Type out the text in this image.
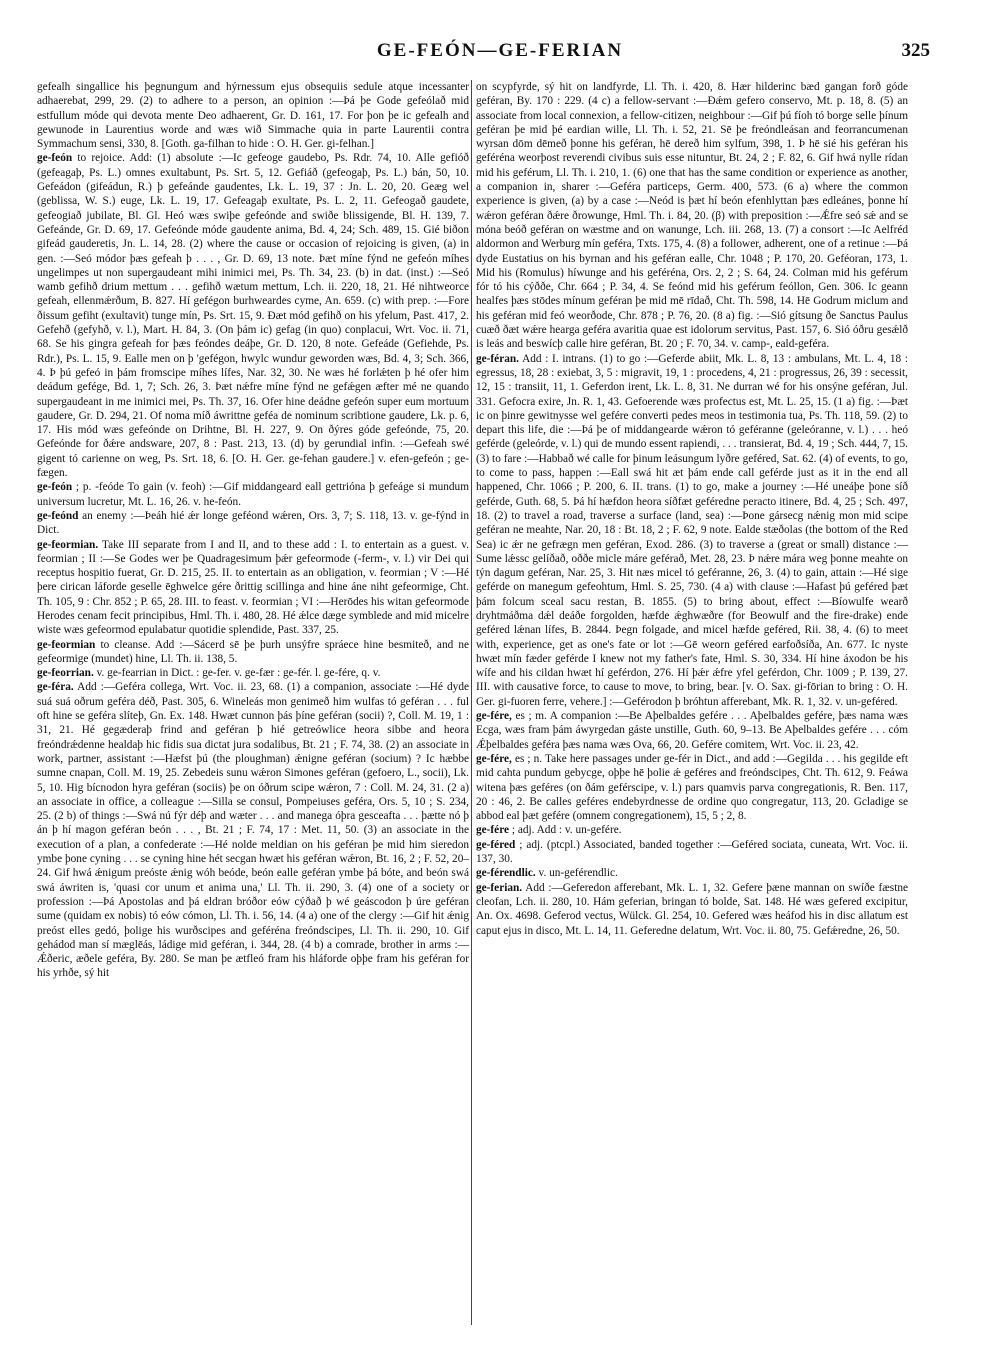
GE-FEÓN—GE-FERIAN	325

gefealh singallice his þegnungum and hýrnessum ejus obsequiis sedule atque incessanter adhaerebat, 299, 29. (2) to adhere to a person, an opinion :—Þá þe Gode gefeólað mid estfullum móde qui devota mente Deo adhaerent, Gr. D. 161, 17. For þon þe ic gefealh and gewunode in Laurentius worde and wæs wið Simmache quia in parte Laurentii contra Symmachum sensi, 330, 8. [Goth. ga-filhan to hide : O. H. Ger. gi-felhan.]

ge-feón to rejoice. Add: (1) absolute :—Ic gefeoge gaudebo, Ps. Rdr. 74, 10. Alle gefióð (gefeagaþ, Ps. L.) omnes exultabunt, Ps. Srt. 5, 12. Gefiáð (gefeogaþ, Ps. L.) bán, 50, 10. Gefeádon (gifeádun, R.) þ gefeánde gaudentes, Lk. L. 19, 37 : Jn. L. 20, 20. Geæg wel (geblissa, W. S.) euge, Lk. L. 19, 17. Gefeagaþ exultate, Ps. L. 2, 11. Gefeogað gaudete, gefeogiað jubilate, Bl. Gl. Heó wæs swiþe gefeónde and swiðe blissigende, Bl. H. 139, 7. Gefeánde, Gr. D. 69, 17. Gefeónde móde gaudente anima, Bd. 4, 24; Sch. 489, 15. Gié biðon gifeád gauderetis, Jn. L. 14, 28. (2) where the cause or occasion of rejoicing is given, (a) in gen. :—Seó módor þæs gefeah þ . . . , Gr. D. 69, 13 note. Þæt míne fýnd ne gefeón míhes ungelimpes ut non supergaudeant mihi inimici mei, Ps. Th. 34, 23. (b) in dat. (inst.) :—Seó wamb gefihð drium mettum . . . gefihð wætum mettum, Lch. ii. 220, 18, 21. Hé nihtweorce gefeah, ellenmǽrðum, B. 827. Hí gefégon burhweardes cyme, An. 659. (c) with prep. :—Fore ðissum gefiht (exultavit) tunge mín, Ps. Srt. 15, 9. Ðæt mód gefihð on his yfelum, Past. 417, 2. Gefehð (gefyhð, v. l.), Mart. H. 84, 3. (On þám ic) gefag (in quo) conplacui, Wrt. Voc. ii. 71, 68. Se his gingra gefeah for þæs feóndes deáþe, Gr. D. 120, 8 note. Gefeáde (Gefiehde, Ps. Rdr.), Ps. L. 15, 9. Ealle men on þ 'gefégon, hwylc wundur geworden wæs, Bd. 4, 3; Sch. 366, 4. Þ þú gefeó in þám fromscipe míhes lífes, Nar. 32, 30. Ne wæs hé forlǽten þ hé ofer him deádum gefége, Bd. 1, 7; Sch. 26, 3. Þæt nǽfre míne fýnd ne gefǽgen æfter mé ne quando supergaudeant in me inimici mei, Ps. Th. 37, 16. Ofer hine deádne gefeón super eum mortuum gaudere, Gr. D. 294, 21. Of noma míð áwrittne geféa de nominum scribtione gaudere, Lk. p. 6, 17. His mód wæs gefeónde on Drihtne, Bl. H. 227, 9. On ðýres góde gefeónde, 75, 20. Gefeónde for ðǽre andsware, 207, 8 : Past. 213, 13. (d) by gerundial infin. :—Gefeah swé gigent tó carienne on weg, Ps. Srt. 18, 6. [O. H. Ger. ge-fehan gaudere.] v. efen-gefeón ; ge-fægen.

ge-feón ; p. -feóde To gain (v. feoh) :—Gif middangeard eall gettrióna þ gefeáge si mundum universum lucretur, Mt. L. 16, 26. v. he-feón.

ge-feónd an enemy :—Þeáh hié ǽr longe geféond wǽren, Ors. 3, 7; S. 118, 13. v. ge-fýnd in Dict.

ge-feormian. Take III separate from I and II, and to these add : I. to entertain as a guest. v. feormian ; II :—Se Godes wer þe Quadragesimum þǽr gefeormode (-ferm-, v. l.) vir Dei qui receptus hospitio fuerat, Gr. D. 215, 25. II. to entertain as an obligation, v. feormian ; V :—Hé þere cirican láforde geselle ēghwelce gére ðrittig scillinga and hine áne niht gefeormige, Cht. Th. 105, 9 : Chr. 852 ; P. 65, 28. III. to feast. v. feormian ; VI :—Herōdes his witan gefeormode Herodes cenam fecit principibus, Hml. Th. i. 480, 28. Hé ǽlce dæge symblede and mid micelre wiste wæs gefeormod epulabatur quotidie splendide, Past. 337, 25.

ge-feormian to cleanse. Add :—Sácerd sē þe þurh unsýfre spráece hine besmiteð, and ne gefeormige (mundet) hine, Ll. Th. ii. 138, 5.

ge-feorrian. v. ge-fearrian in Dict. : ge-fer. v. ge-fær : ge-fér. l. ge-fére, q. v.

ge-féra. Add :—Geféra collega, Wrt. Voc. ii. 23, 68. (1) a companion, associate :—Hé dyde suá suá oðrum geférа déð, Past. 305, 6. Wineleás mon genimeð him wulfas tó geféran . . . ful oft hine se geféra slíteþ, Gn. Ex. 148. Hwæt cunnon þás þíne geféran (socii) ?, Coll. M. 19, 1 : 31, 21. Hé gegæderaþ frind and geféran þ hié getreówlice heora sibbe and heora freóndrǽdenne healdaþ hic fidis sua dictat jura sodalibus, Bt. 21 ; F. 74, 38. (2) an associate in work, partner, assistant :—Hæfst þú (the ploughman) ǽnigne geféran (socium) ? Ic hæbbe sumne cnapan, Coll. M. 19, 25. Zebedeis sunu wǽron Simones geféran (gefoero, L., socii), Lk. 5, 10. Hig bícnodon hyra geféran (sociis) þe on óðrum scipe wǽron, 7 : Coll. M. 24, 31. (2 a) an associate in office, a colleague :—Silla se consul, Pompeiuses geféra, Ors. 5, 10 ; S. 234, 25. (2 b) of things :—Swá nú fýr déþ and wæter . . . and manega óþra gesceafta . . . þætte nó þ án þ hí magon geféran beón . . . , Bt. 21 ; F. 74, 17 : Met. 11, 50. (3) an associate in the execution of a plan, a confederate :—Hé nolde meldian on his geféran þe mid him sieredon ymbe þone cyning . . . se cyning hine hét secgan hwæt his geféran wǽron, Bt. 16, 2 ; F. 52, 20–24. Gif hwá ǽnigum preóste ǽnig wóh beóde, beón ealle geféran ymbe þá bóte, and beón swá swá áwriten is, 'quasi cor unum et anima una,' Ll. Th. ii. 290, 3. (4) one of a society or profession :—Þá Apostolas and þá eldran bróðor eów cýðað þ wé geáscodon þ úre geféran sume (quidam ex nobis) tó eów cómon, Ll. Th. i. 56, 14. (4 a) one of the clergy :—Gif hit ǽnig preóst elles gedó, þolige his wurðscipes and geféréna freóndscipes, Ll. Th. ii. 290, 10. Gif gehádod man sí mæglēás, ládige mid geféran, i. 344, 28. (4 b) a comrade, brother in arms :—Ǽðeric, æðele geféra, By. 280. Se man þe ætfleó fram his hláforde oþþe fram his geféran for his yrhðe, sý hit

on scypfyrde, sý hit on landfyrde, Ll. Th. i. 420, 8. Hær hilderinc bæd gangan forð góde geféran, By. 170 : 229. (4 c) a fellow-servant :—Ðǽm gefero conservo, Mt. p. 18, 8. (5) an associate from local connexion, a fellow-citizen, neighbour :—Gif þú fíoh tó borge selle þínum geféran þe mid þé eardian wille, Ll. Th. i. 52, 21. Sē þe freóndleásan and feorrancumenan wyrsan dōm dēmeð þonne his geféran, hē dereð him sylfum, 398, 1. Þ hē sié his geféran his geféréna weorþost reverendi civibus suis esse nituntur, Bt. 24, 2 ; F. 82, 6. Gif hwá nylle rídan mid his geférum, Ll. Th. i. 210, 1. (6) one that has the same condition or experience as another, a companion in, sharer :—Geféra particeps, Germ. 400, 573. (6 a) where the common experience is given, (a) by a case :—Neód is þæt hí beón efenhlyttan þæs edleánes, þonne hí wǽron geféran ðǽre ðrowunge, Hml. Th. i. 84, 20. (β) with preposition :—Ǽfre seó sǽ and se móna beóð geféran on wæstme and on wanunge, Lch. iii. 268, 13. (7) a consort :—Ic Aelfréd aldormon and Werburg mín geféra, Txts. 175, 4. (8) a follower, adherent, one of a retinue :—Þá dyde Eustatius on his byrnan and his geféran ealle, Chr. 1048 ; P. 170, 20. Geféoran, 173, 1. Mid his (Romulus) híwunge and his geféréna, Ors. 2, 2 ; S. 64, 24. Colman mid his geférum fór tó his cýððe, Chr. 664 ; P. 34, 4. Se feónd mid his geférum feóllon, Gen. 306. Ic geann healfes þæs stōdes mínum geféran þe mid mē rīdað, Cht. Th. 598, 14. Hē Godrum miclum and his geféran mid feó weorðode, Chr. 878 ; P. 76, 20. (8 a) fig. :—Sió gítsung ðe Sanctus Paulus cuæð ðæt wǽre hearga geféra avaritia quae est idolorum servitus, Past. 157, 6. Sió óðru gesǽlð is leás and beswícþ calle hire geféran, Bt. 20 ; F. 70, 34. v. camp-, eald-geféra.

ge-féran. Add : I. intrans. (1) to go :—Geferde abiit, Mk. L. 8, 13 : ambulans, Mt. L. 4, 18 : egressus, 18, 28 : exiebat, 3, 5 : migravit, 19, 1 : procedens, 4, 21 : progressus, 26, 39 : secessit, 12, 15 : transiit, 11, 1. Geferdon irent, Lk. L. 8, 31. Ne durran wé for his onsýne geféran, Jul. 331. Gefocra exire, Jn. R. 1, 43. Gefoerende wæs profectus est, Mt. L. 25, 15. (1 a) fig. :—Þæt ic on þinre gewitnysse wel gefére converti pedes meos in testimonia tua, Ps. Th. 118, 59. (2) to depart this life, die :—Þá þe of middangearde wǽron tó geféranne (geleóranne, v. l.) . . . heó geférde (geleórde, v. l.) qui de mundo essent rapiendi, . . . transierat, Bd. 4, 19 ; Sch. 444, 7, 15. (3) to fare :—Habbað wé calle for þinum leásungum lyðre geférеd, Sat. 62. (4) of events, to go, to come to pass, happen :—Eall swá hit æt þám ende call geférde just as it in the end all happened, Chr. 1066 ; P. 200, 6. II. trans. (1) to go, make a journey :—Hé uneáþe þone síð geférde, Guth. 68, 5. Þá hí hæfdon heora síðfæt geféredne peracto itinere, Bd. 4, 25 ; Sch. 497, 18. (2) to travel a road, traverse a surface (land, sea) :—Þone gársecg nǽnig mon mid scipe geféran ne meahte, Nar. 20, 18 : Bt. 18, 2 ; F. 62, 9 note. Ealde stæðolas (the bottom of the Red Sea) ic ǽr ne gefrægn men geféran, Exod. 286. (3) to traverse a (great or small) distance :—Sume lǽssc gelíðað, oððe micle máre geférаð, Met. 28, 23. Þ nǽre mára weg þonne meahte on týn dagum geféran, Nar. 25, 3. Hit næs micel tó geféranne, 26, 3. (4) to gain, attain :—Hé sige geférde on manegum gefeohtum, Hml. S. 25, 730. (4 a) with clause :—Hafast þú geféred þæt þám folcum sceal sacu restan, B. 1855. (5) to bring about, effect :—Bíowulfe wearð dryhtmáðma dǽl deáðe forgolden, hæfde ǽghwæðre (for Beowulf and the fire-drake) ende geféred lǽnan lífes, B. 2844. Þegn folgade, and micel hæfde geféred, Rii. 38, 4. (6) to meet with, experience, get as one's fate or lot :—Gē weorn geféred earfoðsíða, An. 677. Ic nyste hwæt mín fæder geférde I knew not my father's fate, Hml. S. 30, 334. Hí hine áxodon be his wífe and his cildan hwæt hí geférdon, 276. Hí þǽr ǽfre yfel geférdon, Chr. 1009 ; P. 139, 27. III. with causative force, to cause to move, to bring, bear. [v. O. Sax. gi-fōrian to bring : O. H. Ger. gi-fuoren ferre, vehere.] :—Geférodon þ bróhtun afferebant, Mk. R. 1, 32. v. un-geféred.

ge-fére, es ; m. A companion :—Be Aþelbaldes gefére . . . Aþelbaldes gefére, þæs nama wæs Ecga, wæs fram þám áwyrgedan gáste unstille, Guth. 60, 9–13. Be Aþelbaldes gefére . . . cóm Ǽþelbaldes geféra þæs nama wæs Ova, 66, 20. Gefére comitem, Wrt. Voc. ii. 23, 42.

ge-fére, es ; n. Take here passages under ge-fér in Dict., and add :—Gegilda . . . his gegilde eft mid cahta pundum gebycge, oþþe hē þolie ǽ geféres and freóndscipes, Cht. Th. 612, 9. Feáwa witena þæs geféres (on ðám geférscipe, v. l.) pars quamvis parva congregationis, R. Ben. 117, 20 : 46, 2. Be calles geféres endebyrdnesse de ordine quo congregatur, 113, 20. Gcladige se abbod eal þæt gefére (omnem congregationem), 15, 5 ; 2, 8.

ge-fére ; adj. Add : v. un-gefére.

ge-féred ; adj. (ptcpl.) Associated, banded together :—Geféred sociata, cuneata, Wrt. Voc. ii. 137, 30.

ge-férendlic. v. un-geférendlic.

ge-ferian. Add :—Geferedon afferebant, Mk. L. 1, 32. Gefere þæne mannan on swíðe fæstne cleofan, Lch. ii. 280, 10. Hám geferian, bringan tó bolde, Sat. 148. Hé wæs gefered excipitur, An. Ox. 4698. Geferod vectus, Wülck. Gl. 254, 10. Gefered wæs heáfod his in disc allatum est caput ejus in disco, Mt. L. 14, 11. Geferedne delatum, Wrt. Voc. ii. 80, 75. Gefǽredne, 26, 50.
